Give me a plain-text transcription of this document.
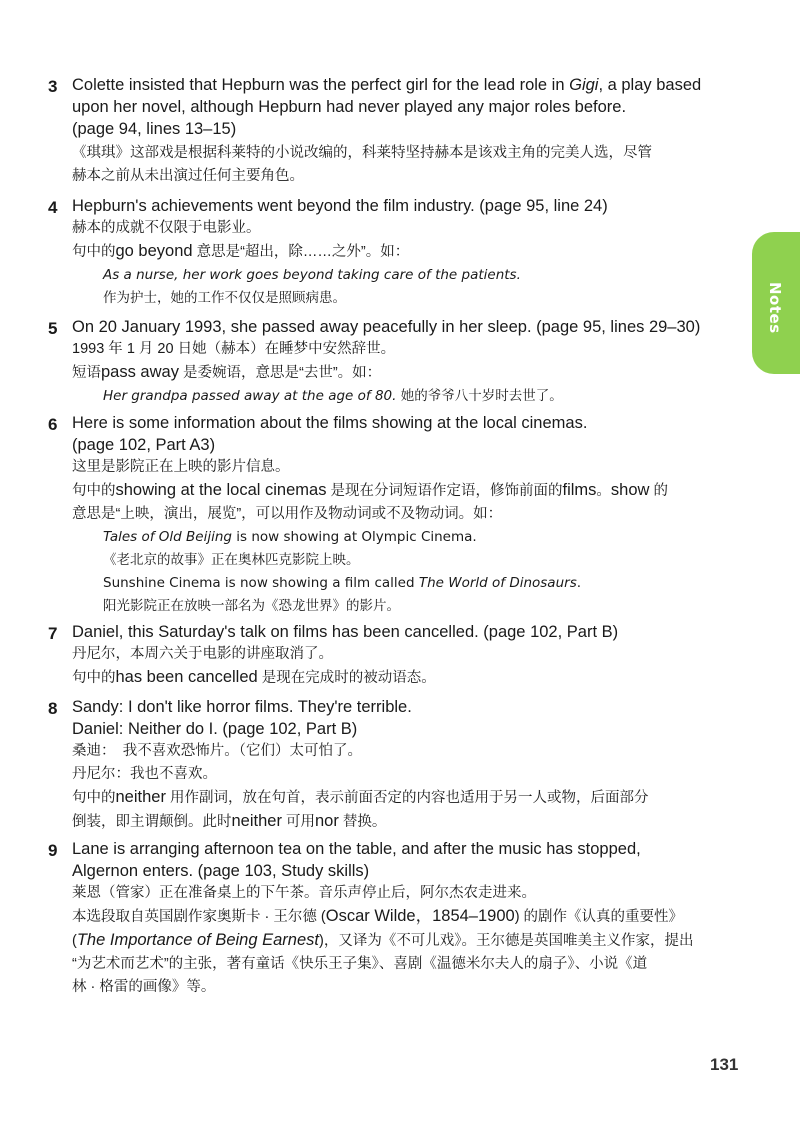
Notes
3 Colette insisted that Hepburn was the perfect girl for the lead role in Gigi, a play based

upon her novel, although Hepburn had never played any major roles before.

(page 94, lines 13–15)

《琪琪》这部戏是根据科莱特的小说改编的，科莱特坚持赫本是该戏主角的完美人选，尽管

赫本之前从未出演过任何主要角色。

4 Hepburn's achievements went beyond the film industry. (page 95, line 24)

赫本的成就不仅限于电影业。

句中的go beyond 意思是“超出，除……之外”。如：

As a nurse, her work goes beyond taking care of the patients.

作为护士，她的工作不仅仅是照顾病患。

5 On 20 January 1993, she passed away peacefully in her sleep. (page 95, lines 29–30)

1993 年 1 月 20 日她（赫本）在睡梦中安然辞世。

短语pass away 是委婉语，意思是“去世”。如：

Her grandpa passed away at the age of 80. 她的爷爷八十岁时去世了。

6 Here is some information about the films showing at the local cinemas.

(page 102, Part A3)

这里是影院正在上映的影片信息。

句中的showing at the local cinemas 是现在分词短语作定语，修饰前面的films。show 的

意思是“上映，演出，展览”，可以用作及物动词或不及物动词。如：

Tales of Old Beijing is now showing at Olympic Cinema.

《老北京的故事》正在奥林匹克影院上映。

Sunshine Cinema is now showing a film called The World of Dinosaurs.

阳光影院正在放映一部名为《恐龙世界》的影片。

7 Daniel, this Saturday's talk on films has been cancelled. (page 102, Part B)

丹尼尔，本周六关于电影的讲座取消了。

句中的has been cancelled 是现在完成时的被动语态。

8 Sandy: I don't like horror films. They're terrible.

Daniel: Neither do I. (page 102, Part B)

桑迪：　我不喜欢恐怖片。（它们）太可怕了。

丹尼尔：我也不喜欢。

句中的neither 用作副词，放在句首，表示前面否定的内容也适用于另一人或物，后面部分

倒装，即主谓颠倒。此时neither 可用nor 替换。

9 Lane is arranging afternoon tea on the table, and after the music has stopped,

Algernon enters. (page 103, Study skills)

莱恩（管家）正在准备桌上的下午茶。音乐声停止后，阿尔杰农走进来。

本选段取自英国剧作家奥斯卡 · 王尔德 (Oscar Wilde，1854–1900) 的剧作《认真的重要性》

(The Importance of Being Earnest)，又译为《不可儿戏》。王尔德是英国唯美主义作家，提出

“为艺术而艺术”的主张，著有童话《快乐王子集》、喜剧《温德米尔夫人的扇子》、小说《道

林 · 格雷的画像》等。

131
